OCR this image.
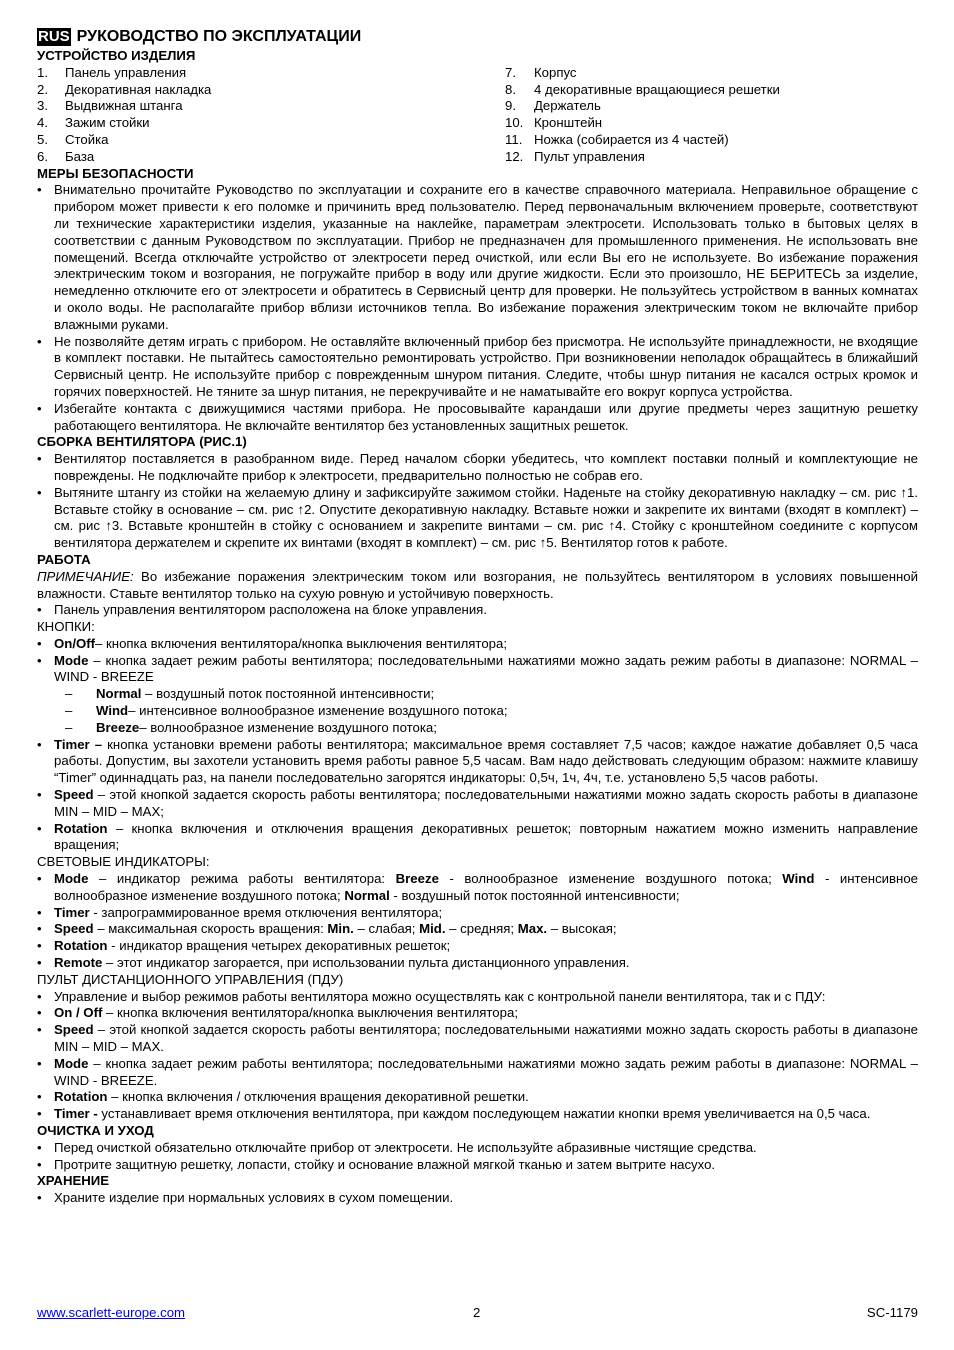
RUS РУКОВОДСТВО ПО ЭКСПЛУАТАЦИИ
УСТРОЙСТВО ИЗДЕЛИЯ
1.	Панель управления
2.	Декоративная накладка
3.	Выдвижная штанга
4.	Зажим стойки
5.	Стойка
6.	База
7.	Корпус
8.	4 декоративные вращающиеся решетки
9.	Держатель
10. Кронштейн
11. Ножка (собирается из 4 частей)
12. Пульт управления
МЕРЫ БЕЗОПАСНОСТИ
• Внимательно прочитайте Руководство по эксплуатации и сохраните его в качестве справочного материала. Неправильное обращение с прибором может привести к его поломке и причинить вред пользователю. Перед первоначальным включением проверьте, соответствуют ли технические характеристики изделия, указанные на наклейке, параметрам электросети. Использовать только в бытовых целях в соответствии с данным Руководством по эксплуатации. Прибор не предназначен для промышленного применения. Не использовать вне помещений. Всегда отключайте устройство от электросети перед очисткой, или если Вы его не используете. Во избежание поражения электрическим током и возгорания, не погружайте прибор в воду или другие жидкости. Если это произошло, НЕ БЕРИТЕСЬ за изделие, немедленно отключите его от электросети и обратитесь в Сервисный центр для проверки. Не пользуйтесь устройством в ванных комнатах и около воды. Не располагайте прибор вблизи источников тепла. Во избежание поражения электрическим током не включайте прибор влажными руками.
• Не позволяйте детям играть с прибором. Не оставляйте включенный прибор без присмотра. Не используйте принадлежности, не входящие в комплект поставки. Не пытайтесь самостоятельно ремонтировать устройство. При возникновении неполадок обращайтесь в ближайший Сервисный центр. Не используйте прибор с поврежденным шнуром питания. Следите, чтобы шнур питания не касался острых кромок и горячих поверхностей. Не тяните за шнур питания, не перекручивайте и не наматывайте его вокруг корпуса устройства.
• Избегайте контакта с движущимися частями прибора. Не просовывайте карандаши или другие предметы через защитную решетку работающего вентилятора. Не включайте вентилятор без установленных защитных решеток.
СБОРКА ВЕНТИЛЯТОРА (РИС.1)
• Вентилятор поставляется в разобранном виде. Перед началом сборки убедитесь, что комплект поставки полный и комплектующие не повреждены. Не подключайте прибор к электросети, предварительно полностью не собрав его.
• Вытяните штангу из стойки на желаемую длину и зафиксируйте зажимом стойки. Наденьте на стойку декоративную накладку – см. рис ↑1. Вставьте стойку в основание – см. рис ↑2. Опустите декоративную накладку. Вставьте ножки и закрепите их винтами (входят в комплект) – см. рис ↑3. Вставьте кронштейн в стойку с основанием и закрепите винтами – см. рис ↑4. Стойку с кронштейном соедините с корпусом вентилятора держателем и скрепите их винтами (входят в комплект) – см. рис ↑5. Вентилятор готов к работе.
РАБОТА
ПРИМЕЧАНИЕ: Во избежание поражения электрическим током или возгорания, не пользуйтесь вентилятором в условиях повышенной влажности. Ставьте вентилятор только на сухую ровную и устойчивую поверхность.
• Панель управления вентилятором расположена на блоке управления.
КНОПКИ:
• On/Off– кнопка включения вентилятора/кнопка выключения вентилятора;
• Mode – кнопка задает режим работы вентилятора; последовательными нажатиями можно задать режим работы в диапазоне: NORMAL – WIND - BREEZE
– Normal – воздушный поток постоянной интенсивности;
– Wind– интенсивное волнообразное изменение воздушного потока;
– Breeze– волнообразное изменение воздушного потока;
• Timer – кнопка установки времени работы вентилятора; максимальное время составляет 7,5 часов; каждое нажатие добавляет 0,5 часа работы. Допустим, вы захотели установить время работы равное 5,5 часам. Вам надо действовать следующим образом: нажмите клавишу “Timer” одиннадцать раз, на панели последовательно загорятся индикаторы: 0,5ч, 1ч, 4ч, т.е. установлено 5,5 часов работы.
• Speed – этой кнопкой задается скорость работы вентилятора; последовательными нажатиями можно задать скорость работы в диапазоне MIN – MID – MAX;
• Rotation – кнопка включения и отключения вращения декоративных решеток; повторным нажатием можно изменить направление вращения;
СВЕТОВЫЕ ИНДИКАТОРЫ:
• Mode – индикатор режима работы вентилятора: Breeze - волнообразное изменение воздушного потока; Wind - интенсивное волнообразное изменение воздушного потока; Normal - воздушный поток постоянной интенсивности;
• Timer - запрограммированное время отключения вентилятора;
• Speed – максимальная скорость вращения: Min. – слабая; Mid. – средняя; Max. – высокая;
• Rotation - индикатор вращения четырех декоративных решеток;
• Remote – этот индикатор загорается, при использовании пульта дистанционного управления.
ПУЛЬТ ДИСТАНЦИОННОГО УПРАВЛЕНИЯ (ПДУ)
• Управление и выбор режимов работы вентилятора можно осуществлять как с контрольной панели вентилятора, так и с ПДУ:
• On / Off – кнопка включения вентилятора/кнопка выключения вентилятора;
• Speed – этой кнопкой задается скорость работы вентилятора; последовательными нажатиями можно задать скорость работы в диапазоне MIN – MID – MAX.
• Mode – кнопка задает режим работы вентилятора; последовательными нажатиями можно задать режим работы в диапазоне: NORMAL – WIND - BREEZE.
• Rotation – кнопка включения / отключения вращения декоративной решетки.
• Timer - устанавливает время отключения вентилятора, при каждом последующем нажатии кнопки время увеличивается на 0,5 часа.
ОЧИСТКА И УХОД
• Перед очисткой обязательно отключайте прибор от электросети. Не используйте абразивные чистящие средства.
• Протрите защитную решетку, лопасти, стойку и основание влажной мягкой тканью и затем вытрите насухо.
ХРАНЕНИЕ
• Храните изделие при нормальных условиях в сухом помещении.
www.scarlett-europe.com	2	SC-1179
